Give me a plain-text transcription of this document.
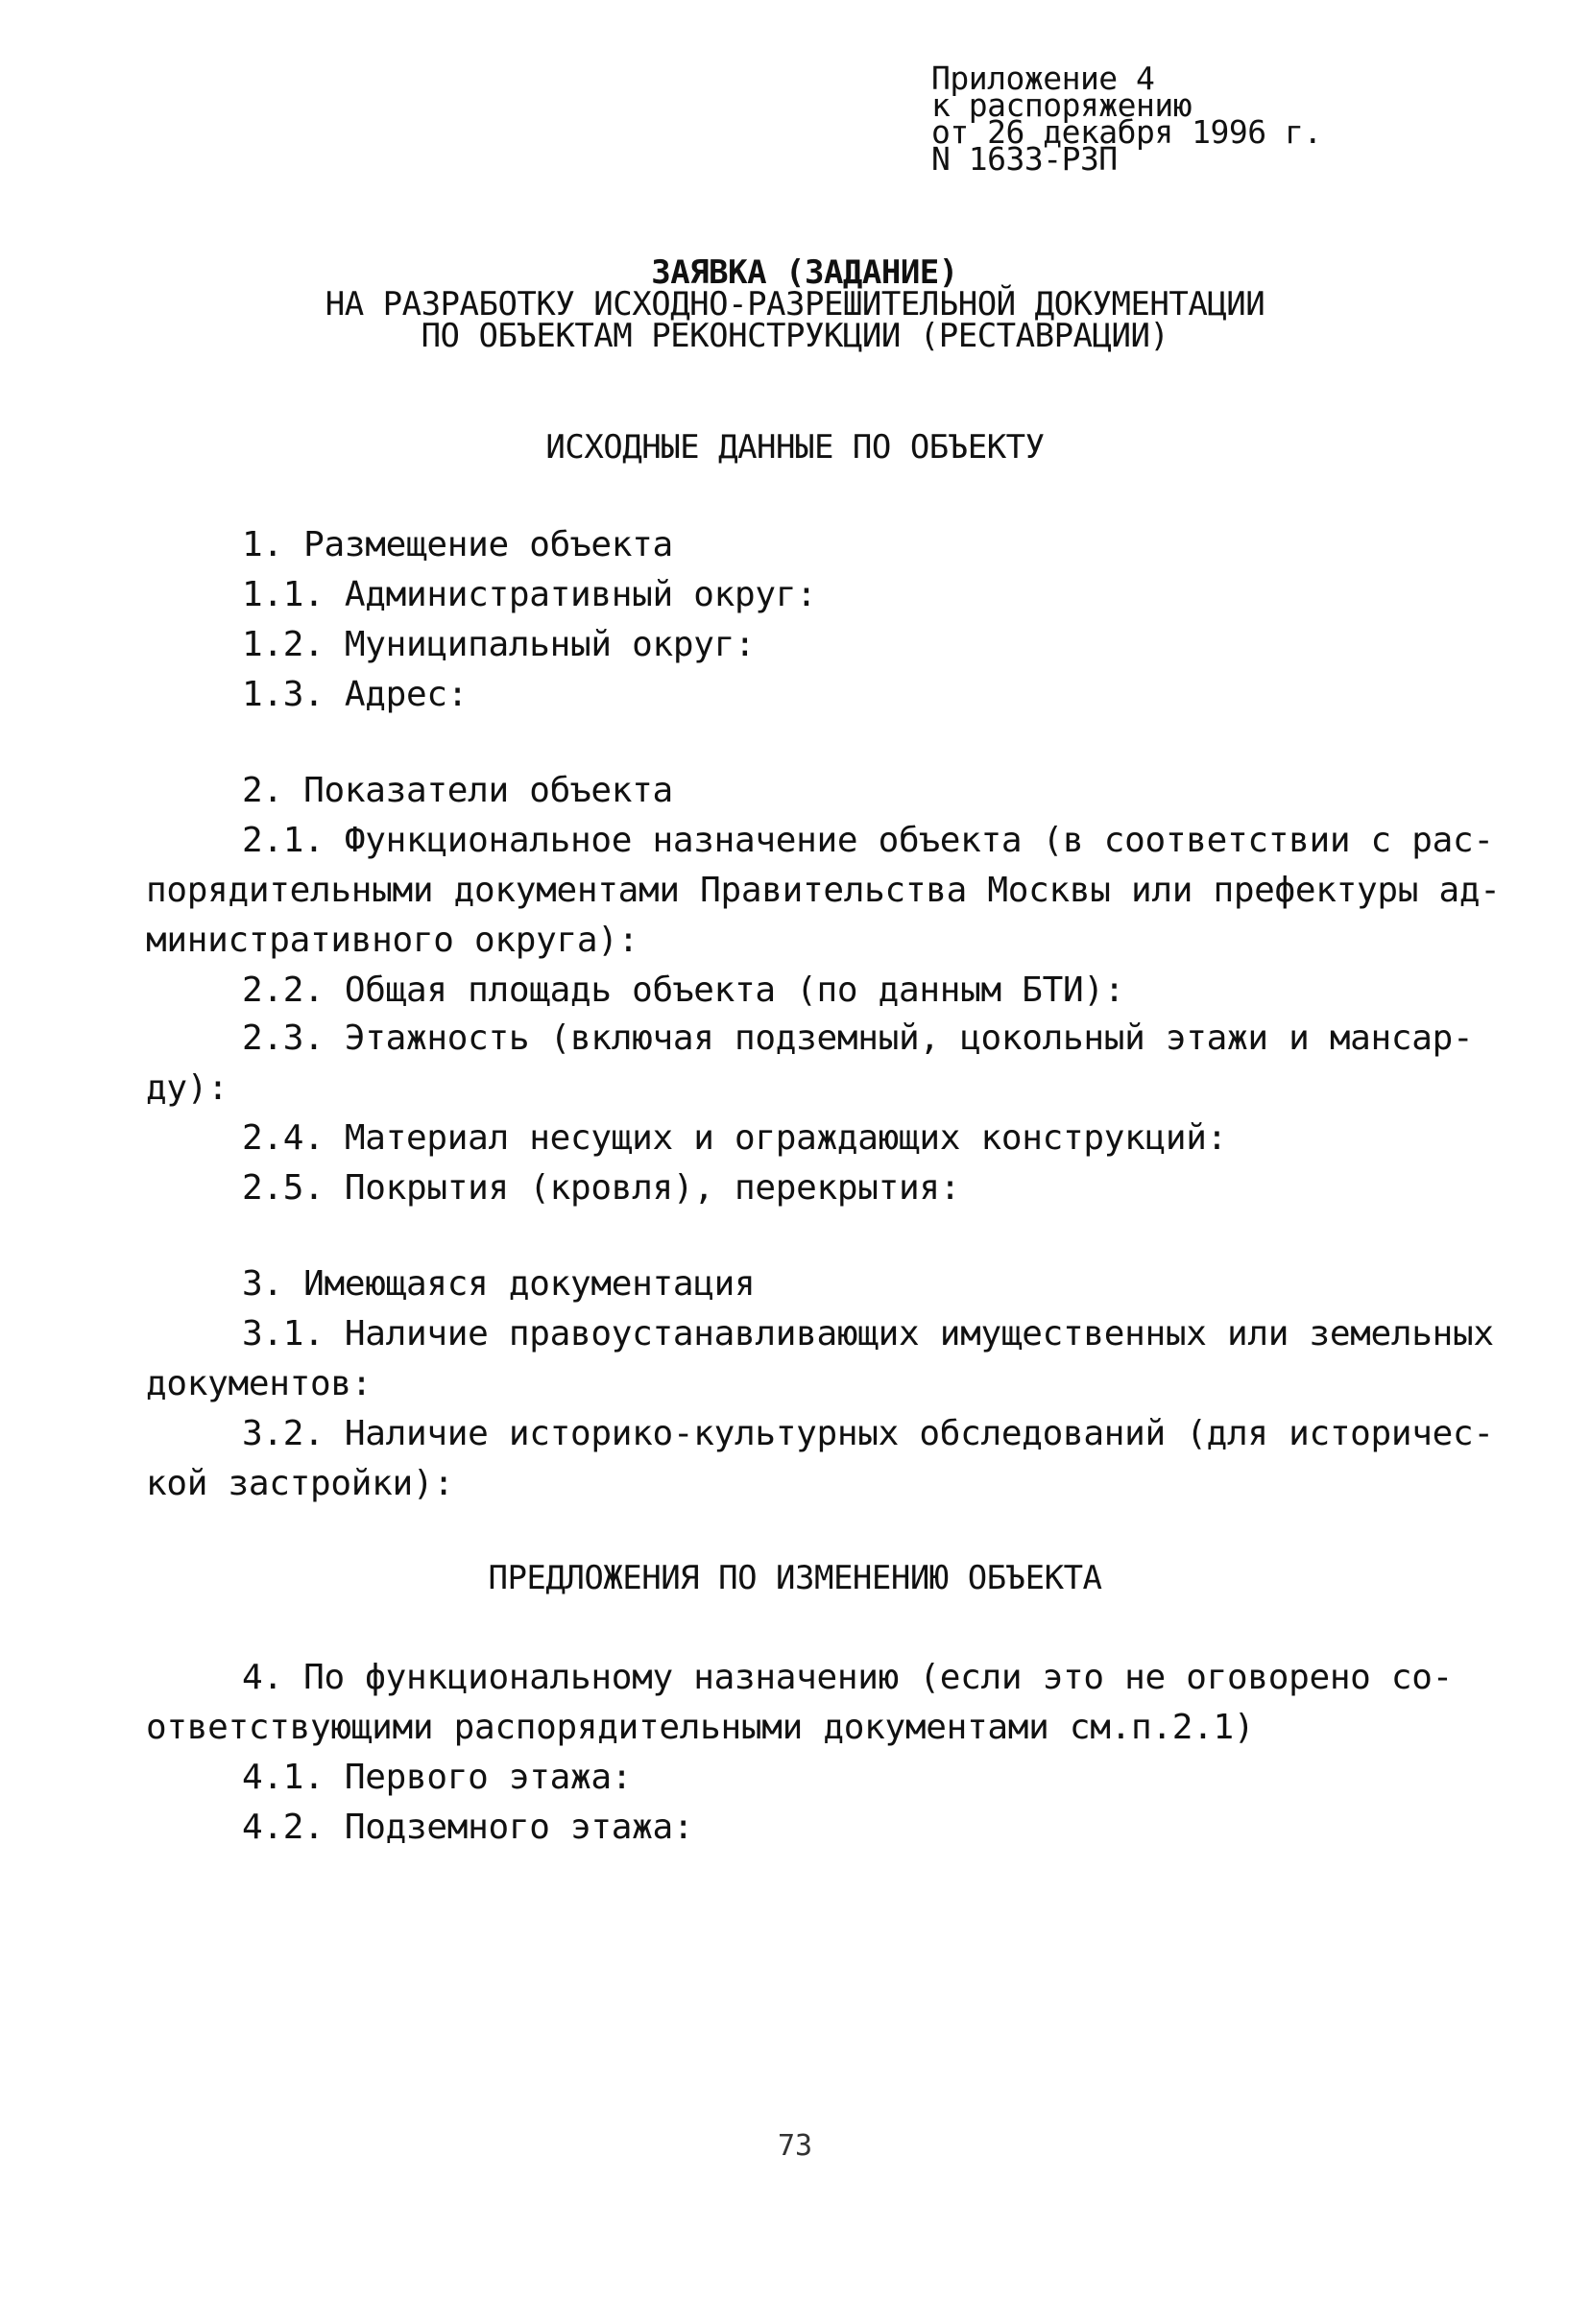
Приложение 4
к распоряжению
от 26 декабря 1996 г.
N 1633-РЗП
ЗАЯВКА (ЗАДАНИЕ)
НА РАЗРАБОТКУ ИСХОДНО-РАЗРЕШИТЕЛЬНОЙ ДОКУМЕНТАЦИИ
ПО ОБЪЕКТАМ РЕКОНСТРУКЦИИ (РЕСТАВРАЦИИ)
ИСХОДНЫЕ ДАННЫЕ ПО ОБЪЕКТУ
1. Размещение объекта
1.1. Административный округ:
1.2. Муниципальный округ:
1.3. Адрес:
2. Показатели объекта
2.1. Функциональное назначение объекта (в соответствии с рас-
порядительными документами Правительства Москвы или префектуры ад-
министративного округа):
2.2. Общая площадь объекта (по данным БТИ):
2.3. Этажность (включая подземный, цокольный этажи и мансар-
ду):
2.4. Материал несущих и ограждающих конструкций:
2.5. Покрытия (кровля), перекрытия:
3. Имеющаяся документация
3.1. Наличие правоустанавливающих имущественных или земельных
документов:
3.2. Наличие историко-культурных обследований (для историчес-
кой застройки):
ПРЕДЛОЖЕНИЯ ПО ИЗМЕНЕНИЮ ОБЪЕКТА
4. По функциональному назначению (если это не оговорено со-
ответствующими распорядительными документами см.п.2.1)
4.1. Первого этажа:
4.2. Подземного этажа:
73
